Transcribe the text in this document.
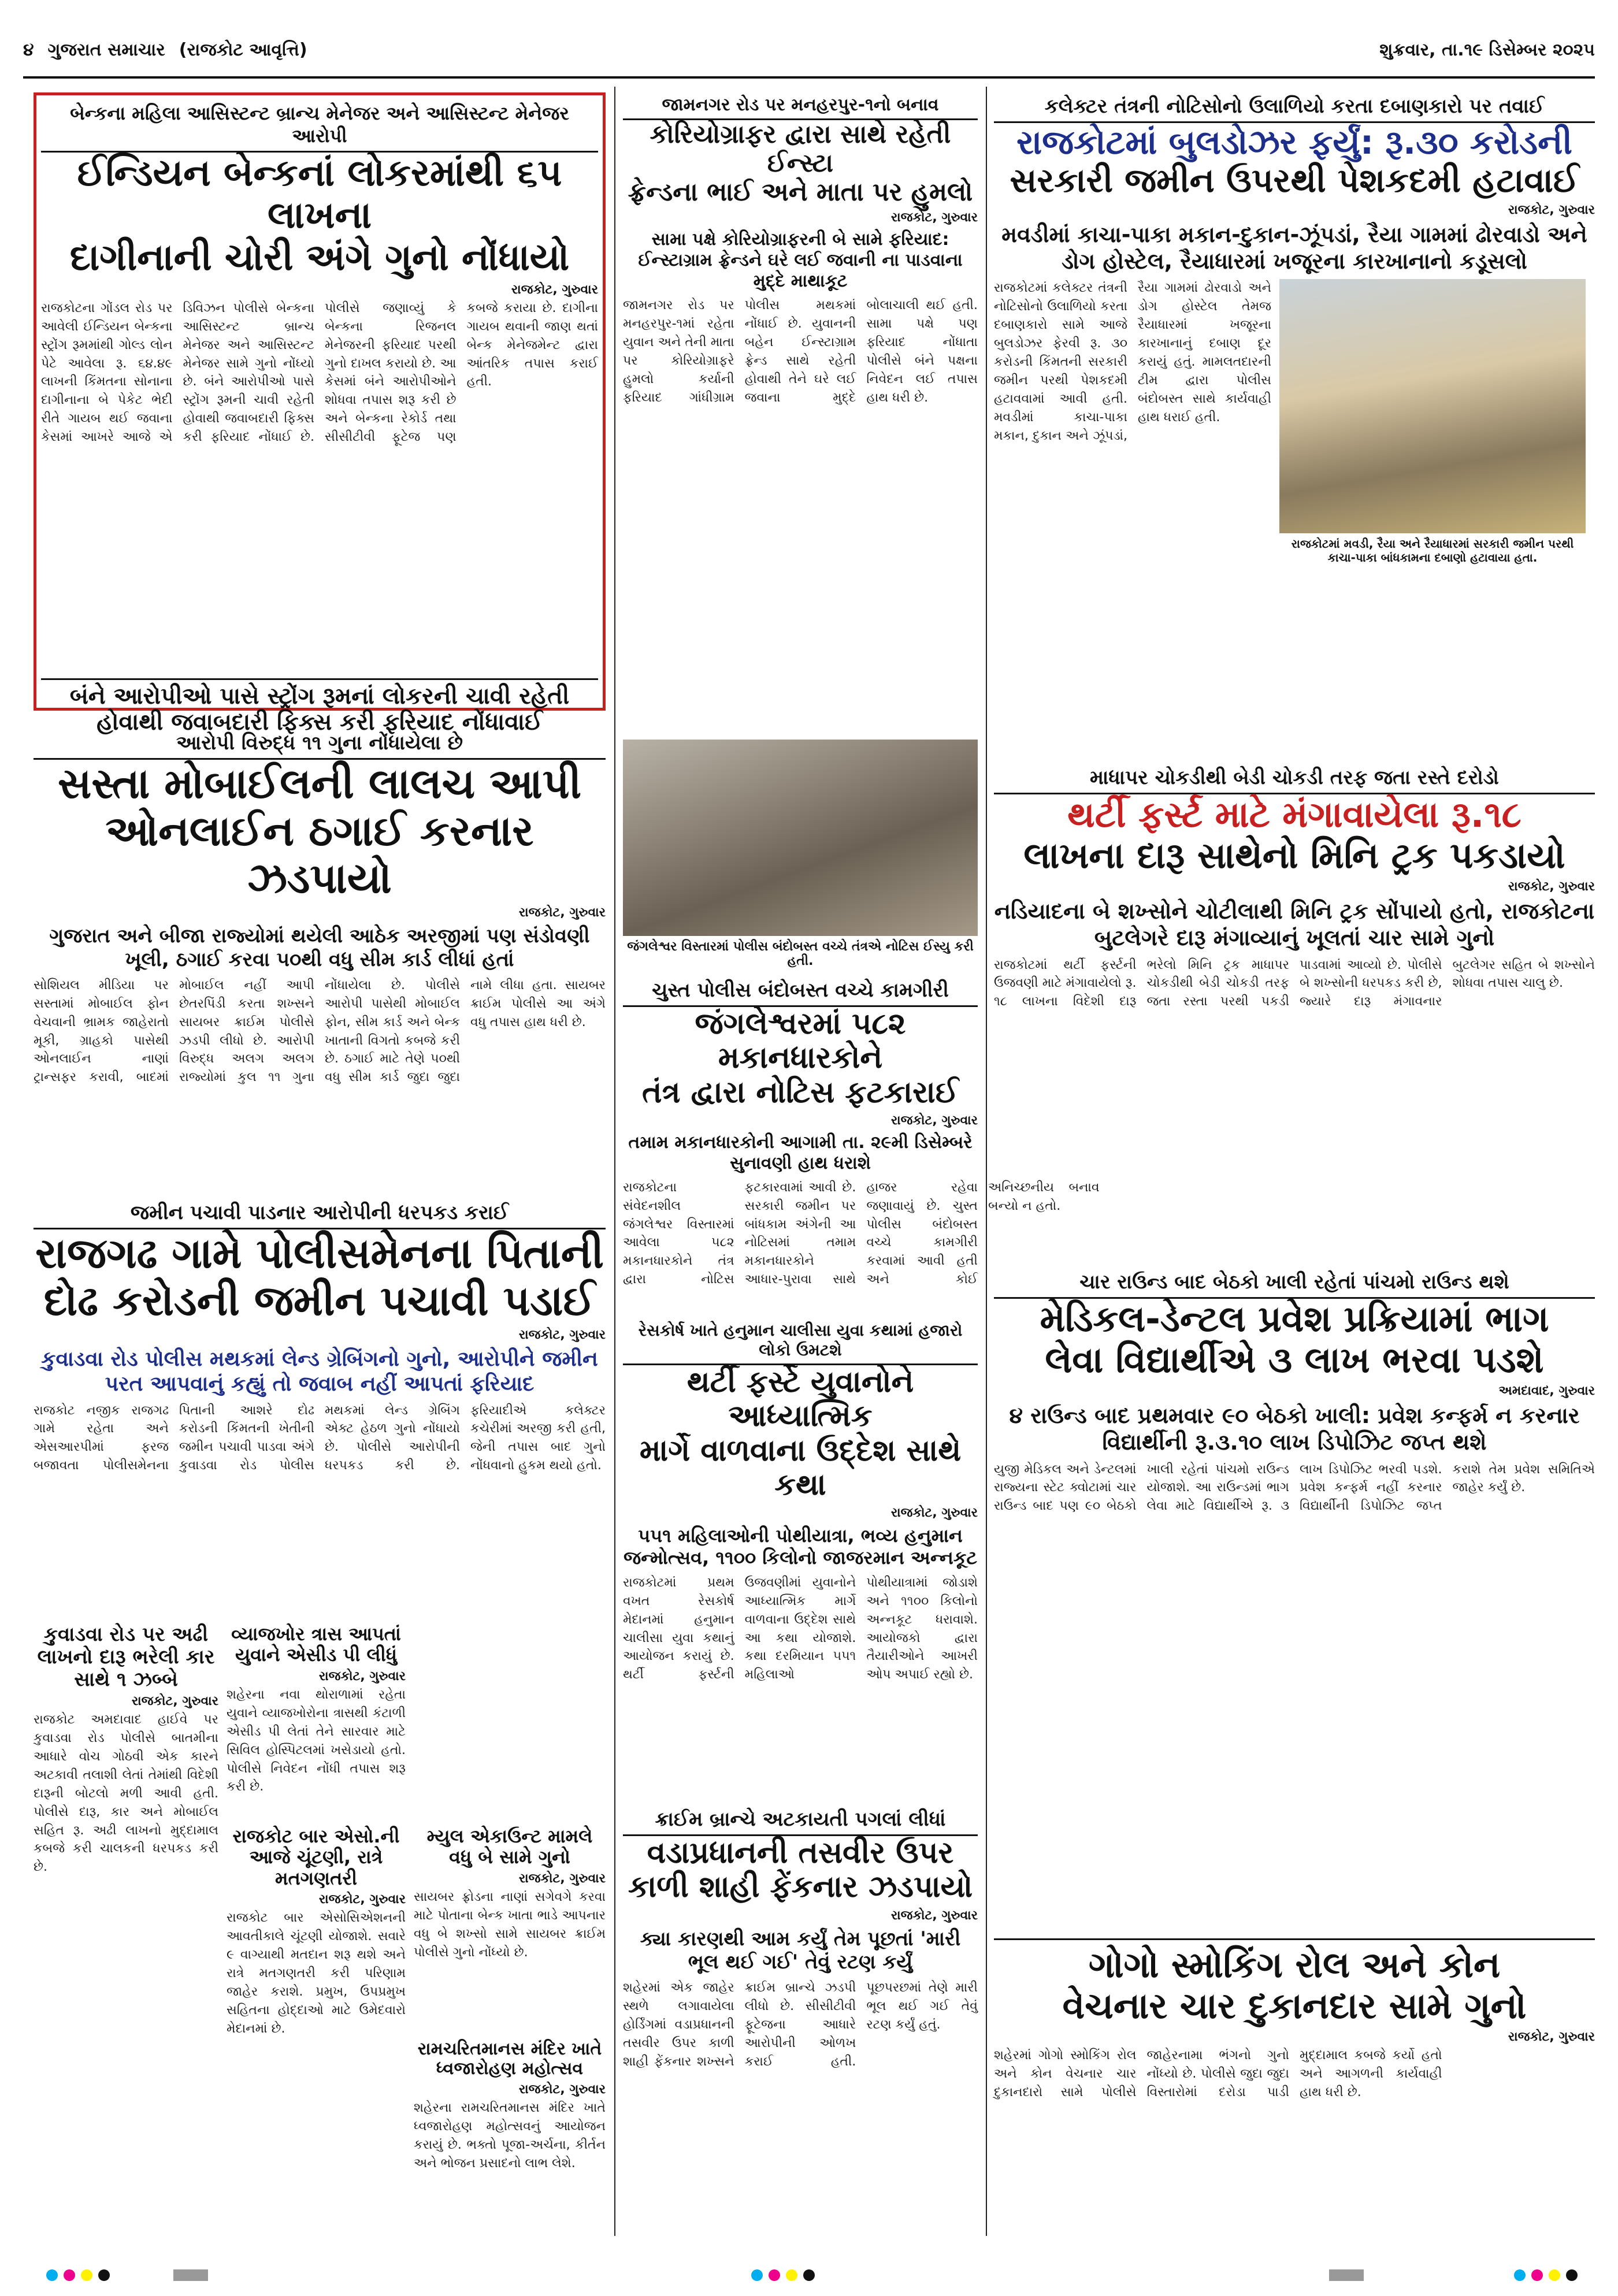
૪ ગુજરાત સમાચાર (રાજકોટ આવૃત્તિ)	શુક્રવાર, તા.૧૯ ડિસેમ્બર ૨૦૨૫
બેન્કના મહિલા આસિસ્ટન્ટ બ્રાન્ચ મેનેજર અને આસિસ્ટન્ટ મેનેજર આરોપી
ઈન્ડિયન બેન્કનાં લોકરમાંથી ૬૫ લાખના
દાગીનાની ચોરી અંગે ગુનો નોંધાયો
રાજકોટ, ગુરુવાર
રાજકોટના ગોંડલ રોડ પર આવેલી ઈન્ડિયન બેન્કના સ્ટ્રોંગ રૂમમાંથી ગોલ્ડ લોન પેટે આવેલા રૂ. ૬૪.૪૯ લાખની કિંમતના સોનાના દાગીનાના બે પેકેટ ભેદી રીતે ગાયબ થઈ જવાના કેસમાં આખરે આજે એ ડિવિઝન પોલીસે બેન્કના આસિસ્ટન્ટ બ્રાન્ચ મેનેજર અને આસિસ્ટન્ટ મેનેજર સામે ગુનો નોંધ્યો છે. બંને આરોપીઓ પાસે સ્ટ્રોંગ રૂમની ચાવી રહેતી હોવાથી જવાબદારી ફિક્સ કરી ફરિયાદ નોંધાઈ છે. પોલીસે જણાવ્યું કે બેન્કના રિજનલ મેનેજરની ફરિયાદ પરથી ગુનો દાખલ કરાયો છે. આ કેસમાં બંને આરોપીઓને શોધવા તપાસ શરૂ કરી છે અને બેન્કના રેકોર્ડ તથા સીસીટીવી ફૂટેજ પણ કબજે કરાયા છે. દાગીના ગાયબ થવાની જાણ થતાં બેન્ક મેનેજમેન્ટ દ્વારા આંતરિક તપાસ કરાઈ હતી.
બંને આરોપીઓ પાસે સ્ટ્રોંગ રૂમનાં લોકરની ચાવી રહેતી હોવાથી જવાબદારી ફિક્સ કરી ફરિયાદ નોંધાવાઈ
આરોપી વિરુદ્ધ ૧૧ ગુના નોંધાયેલા છે
સસ્તા મોબાઈલની લાલચ આપી
ઓનલાઈન ઠગાઈ કરનાર ઝડપાયો
રાજકોટ, ગુરુવાર
ગુજરાત અને બીજા રાજ્યોમાં થયેલી આઠેક અરજીમાં પણ સંડોવણી ખૂલી, ઠગાઈ કરવા ૫૦થી વધુ સીમ કાર્ડ લીધાં હતાં
સોશિયલ મીડિયા પર સસ્તામાં મોબાઈલ ફોન વેચવાની ભ્રામક જાહેરાતો મૂકી, ગ્રાહકો પાસેથી ઓનલાઈન નાણાં ટ્રાન્સફર કરાવી, બાદમાં મોબાઈલ નહીં આપી છેતરપિંડી કરતા શખ્સને સાયબર ક્રાઈમ પોલીસે ઝડપી લીધો છે. આરોપી વિરુદ્ધ અલગ અલગ રાજ્યોમાં કુલ ૧૧ ગુના નોંધાયેલા છે. પોલીસે આરોપી પાસેથી મોબાઈલ ફોન, સીમ કાર્ડ અને બેન્ક ખાતાની વિગતો કબજે કરી છે. ઠગાઈ માટે તેણે ૫૦થી વધુ સીમ કાર્ડ જુદા જુદા નામે લીધા હતા. સાયબર ક્રાઈમ પોલીસે આ અંગે વધુ તપાસ હાથ ધરી છે.
જમીન પચાવી પાડનાર આરોપીની ધરપકડ કરાઈ
રાજગઢ ગામે પોલીસમેનના પિતાની
દોઢ કરોડની જમીન પચાવી પડાઈ
રાજકોટ, ગુરુવાર
કુવાડવા રોડ પોલીસ મથકમાં લેન્ડ ગ્રેબિંગનો ગુનો, આરોપીને જમીન પરત આપવાનું કહ્યું તો જવાબ નહીં આપતાં ફરિયાદ
રાજકોટ નજીક રાજગઢ ગામે રહેતા અને એસઆરપીમાં ફરજ બજાવતા પોલીસમેનના પિતાની આશરે દોઢ કરોડની કિંમતની ખેતીની જમીન પચાવી પાડવા અંગે કુવાડવા રોડ પોલીસ મથકમાં લેન્ડ ગ્રેબિંગ એક્ટ હેઠળ ગુનો નોંધાયો છે. પોલીસે આરોપીની ધરપકડ કરી છે. ફરિયાદીએ કલેક્ટર કચેરીમાં અરજી કરી હતી, જેની તપાસ બાદ ગુનો નોંધવાનો હુકમ થયો હતો.
કુવાડવા રોડ પર અઢી લાખનો દારૂ ભરેલી કાર સાથે ૧ ઝબ્બે
રાજકોટ, ગુરુવાર
રાજકોટ અમદાવાદ હાઈવે પર કુવાડવા રોડ પોલીસે બાતમીના આધારે વોચ ગોઠવી એક કારને અટકાવી તલાશી લેતાં તેમાંથી વિદેશી દારૂની બોટલો મળી આવી હતી. પોલીસે દારૂ, કાર અને મોબાઈલ સહિત રૂ. અઢી લાખનો મુદ્દામાલ કબજે કરી ચાલકની ધરપકડ કરી છે.
વ્યાજખોર ત્રાસ આપતાં યુવાને એસીડ પી લીધું
રાજકોટ, ગુરુવાર
શહેરના નવા થોરાળામાં રહેતા યુવાને વ્યાજખોરોના ત્રાસથી કંટાળી એસીડ પી લેતાં તેને સારવાર માટે સિવિલ હોસ્પિટલમાં ખસેડાયો હતો. પોલીસે નિવેદન નોંધી તપાસ શરૂ કરી છે.
રાજકોટ બાર એસો.ની આજે ચૂંટણી, રાત્રે મતગણતરી
રાજકોટ, ગુરુવાર
રાજકોટ બાર એસોસિએશનની આવતીકાલે ચૂંટણી યોજાશે. સવારે ૯ વાગ્યાથી મતદાન શરૂ થશે અને રાત્રે મતગણતરી કરી પરિણામ જાહેર કરાશે. પ્રમુખ, ઉપપ્રમુખ સહિતના હોદ્દાઓ માટે ઉમેદવારો મેદાનમાં છે.
મ્યુલ એકાઉન્ટ મામલે વધુ બે સામે ગુનો
રાજકોટ, ગુરુવાર
સાયબર ફ્રોડના નાણાં સગેવગે કરવા માટે પોતાના બેન્ક ખાતા ભાડે આપનાર વધુ બે શખ્સો સામે સાયબર ક્રાઈમ પોલીસે ગુનો નોંધ્યો છે.
રામચરિતમાનસ મંદિર ખાતે ધ્વજારોહણ મહોત્સવ
રાજકોટ, ગુરુવાર
શહેરના રામચરિતમાનસ મંદિર ખાતે ધ્વજારોહણ મહોત્સવનું આયોજન કરાયું છે. ભક્તો પૂજા-અર્ચના, કીર્તન અને ભોજન પ્રસાદનો લાભ લેશે.
જામનગર રોડ પર મનહરપુર-૧નો બનાવ
કોરિયોગ્રાફર દ્વારા સાથે રહેતી ઈન્સ્ટા
ફ્રેન્ડના ભાઈ અને માતા પર હુમલો
રાજકોટ, ગુરુવાર
સામા પક્ષે કોરિયોગ્રાફરની બે સામે ફરિયાદ: ઈન્સ્ટાગ્રામ ફ્રેન્ડને ઘરે લઈ જવાની ના પાડવાના મુદ્દે માથાકૂટ
જામનગર રોડ પર મનહરપુર-૧માં રહેતા યુવાન અને તેની માતા પર કોરિયોગ્રાફરે હુમલો કર્યાની ફરિયાદ ગાંધીગ્રામ પોલીસ મથકમાં નોંધાઈ છે. યુવાનની બહેન ઈન્સ્ટાગ્રામ ફ્રેન્ડ સાથે રહેતી હોવાથી તેને ઘરે લઈ જવાના મુદ્દે બોલાચાલી થઈ હતી. સામા પક્ષે પણ ફરિયાદ નોંધાતા પોલીસે બંને પક્ષના નિવેદન લઈ તપાસ હાથ ધરી છે.
જંગલેશ્વર વિસ્તારમાં પોલીસ બંદોબસ્ત વચ્ચે તંત્રએ નોટિસ ઈસ્યુ કરી હતી.
ચુસ્ત પોલીસ બંદોબસ્ત વચ્ચે કામગીરી
જંગલેશ્વરમાં ૫૮૨ મકાનધારકોને
તંત્ર દ્વારા નોટિસ ફટકારાઈ
રાજકોટ, ગુરુવાર
તમામ મકાનધારકોની આગામી તા. ૨૯મી ડિસેમ્બરે સુનાવણી હાથ ધરાશે
રાજકોટના સંવેદનશીલ જંગલેશ્વર વિસ્તારમાં આવેલા ૫૮૨ મકાનધારકોને તંત્ર દ્વારા નોટિસ ફટકારવામાં આવી છે. સરકારી જમીન પર બાંધકામ અંગેની આ નોટિસમાં તમામ મકાનધારકોને આધાર-પુરાવા સાથે હાજર રહેવા જણાવાયું છે. ચુસ્ત પોલીસ બંદોબસ્ત વચ્ચે કામગીરી કરવામાં આવી હતી અને કોઈ અનિચ્છનીય બનાવ બન્યો ન હતો.
રેસકોર્ષ ખાતે હનુમાન ચાલીસા યુવા કથામાં હજારો લોકો ઉમટશે
થર્ટી ફર્સ્ટે યુવાનોને આધ્યાત્મિક
માર્ગે વાળવાના ઉદ્દેશ સાથે કથા
રાજકોટ, ગુરુવાર
૫૫૧ મહિલાઓની પોથીયાત્રા, ભવ્ય હનુમાન જન્મોત્સવ, ૧૧૦૦ કિલોનો જાજરમાન અન્નકૂટ
રાજકોટમાં પ્રથમ વખત રેસકોર્ષ મેદાનમાં હનુમાન ચાલીસા યુવા કથાનું આયોજન કરાયું છે. થર્ટી ફર્સ્ટની ઉજવણીમાં યુવાનોને આધ્યાત્મિક માર્ગે વાળવાના ઉદ્દેશ સાથે આ કથા યોજાશે. કથા દરમિયાન ૫૫૧ મહિલાઓ પોથીયાત્રામાં જોડાશે અને ૧૧૦૦ કિલોનો અન્નકૂટ ધરાવાશે. આયોજકો દ્વારા તૈયારીઓને આખરી ઓપ અપાઈ રહ્યો છે.
ક્રાઈમ બ્રાન્ચે અટકાયતી પગલાં લીધાં
વડાપ્રધાનની તસવીર ઉપર
કાળી શાહી ફેંકનાર ઝડપાયો
રાજકોટ, ગુરુવાર
ક્યા કારણથી આમ કર્યું તેમ પૂછતાં 'મારી ભૂલ થઈ ગઈ' તેવું રટણ કર્યું
શહેરમાં એક જાહેર સ્થળે લગાવાયેલા હોર્ડિંગમાં વડાપ્રધાનની તસવીર ઉપર કાળી શાહી ફેંકનાર શખ્સને ક્રાઈમ બ્રાન્ચે ઝડપી લીધો છે. સીસીટીવી ફૂટેજના આધારે આરોપીની ઓળખ કરાઈ હતી. પૂછપરછમાં તેણે મારી ભૂલ થઈ ગઈ તેવું રટણ કર્યું હતું.
કલેક્ટર તંત્રની નોટિસોનો ઉલાળિયો કરતા દબાણકારો પર તવાઈ
રાજકોટમાં બુલડોઝર ફર્યું: રૂ.૩૦ કરોડની
સરકારી જમીન ઉપરથી પેશકદમી હટાવાઈ
રાજકોટ, ગુરુવાર
મવડીમાં કાચા-પાકા મકાન-દુકાન-ઝૂંપડાં, રૈયા ગામમાં ઢોરવાડો અને ડોગ હોસ્ટેલ, રૈયાધારમાં ખજૂરના કારખાનાનો કડૂસલો
રાજકોટમાં કલેક્ટર તંત્રની નોટિસોનો ઉલાળિયો કરતા દબાણકારો સામે આજે બુલડોઝર ફેરવી રૂ. ૩૦ કરોડની કિંમતની સરકારી જમીન પરથી પેશકદમી હટાવવામાં આવી હતી. મવડીમાં કાચા-પાકા મકાન, દુકાન અને ઝૂંપડાં, રૈયા ગામમાં ઢોરવાડો અને ડોગ હોસ્ટેલ તેમજ રૈયાધારમાં ખજૂરના કારખાનાનું દબાણ દૂર કરાયું હતું. મામલતદારની ટીમ દ્વારા પોલીસ બંદોબસ્ત સાથે કાર્યવાહી હાથ ધરાઈ હતી.
રાજકોટમાં મવડી, રૈયા અને રૈયાધારમાં સરકારી જમીન પરથી કાચા-પાકા બાંધકામના દબાણો હટાવાયા હતા.
માધાપર ચોકડીથી બેડી ચોકડી તરફ જતા રસ્તે દરોડો
થર્ટી ફર્સ્ટ માટે મંગાવાયેલા રૂ.૧૮
લાખના દારૂ સાથેનો મિનિ ટ્રક પકડાયો
રાજકોટ, ગુરુવાર
નડિયાદના બે શખ્સોને ચોટીલાથી મિનિ ટ્રક સોંપાયો હતો, રાજકોટના બુટલેગરે દારૂ મંગાવ્યાનું ખૂલતાં ચાર સામે ગુનો
રાજકોટમાં થર્ટી ફર્સ્ટની ઉજવણી માટે મંગાવાયેલો રૂ. ૧૮ લાખના વિદેશી દારૂ ભરેલો મિનિ ટ્રક માધાપર ચોકડીથી બેડી ચોકડી તરફ જતા રસ્તા પરથી પકડી પાડવામાં આવ્યો છે. પોલીસે બે શખ્સોની ધરપકડ કરી છે, જ્યારે દારૂ મંગાવનાર બુટલેગર સહિત બે શખ્સોને શોધવા તપાસ ચાલુ છે.
ચાર રાઉન્ડ બાદ બેઠકો ખાલી રહેતાં પાંચમો રાઉન્ડ થશે
મેડિકલ-ડેન્ટલ પ્રવેશ પ્રક્રિયામાં ભાગ
લેવા વિદ્યાર્થીએ ૩ લાખ ભરવા પડશે
અમદાવાદ, ગુરુવાર
૪ રાઉન્ડ બાદ પ્રથમવાર ૯૦ બેઠકો ખાલી: પ્રવેશ કન્ફર્મ ન કરનાર વિદ્યાર્થીની રૂ.૩.૧૦ લાખ ડિપોઝિટ જપ્ત થશે
યુજી મેડિકલ અને ડેન્ટલમાં રાજ્યના સ્ટેટ ક્વોટામાં ચાર રાઉન્ડ બાદ પણ ૯૦ બેઠકો ખાલી રહેતાં પાંચમો રાઉન્ડ યોજાશે. આ રાઉન્ડમાં ભાગ લેવા માટે વિદ્યાર્થીએ રૂ. ૩ લાખ ડિપોઝિટ ભરવી પડશે. પ્રવેશ કન્ફર્મ નહીં કરનાર વિદ્યાર્થીની ડિપોઝિટ જપ્ત કરાશે તેમ પ્રવેશ સમિતિએ જાહેર કર્યું છે.
ગોગો સ્મોકિંગ રોલ અને કોન
વેચનાર ચાર દુકાનદાર સામે ગુનો
રાજકોટ, ગુરુવાર
શહેરમાં ગોગો સ્મોકિંગ રોલ અને કોન વેચનાર ચાર દુકાનદારો સામે પોલીસે જાહેરનામા ભંગનો ગુનો નોંધ્યો છે. પોલીસે જુદા જુદા વિસ્તારોમાં દરોડા પાડી મુદ્દામાલ કબજે કર્યો હતો અને આગળની કાર્યવાહી હાથ ધરી છે.
